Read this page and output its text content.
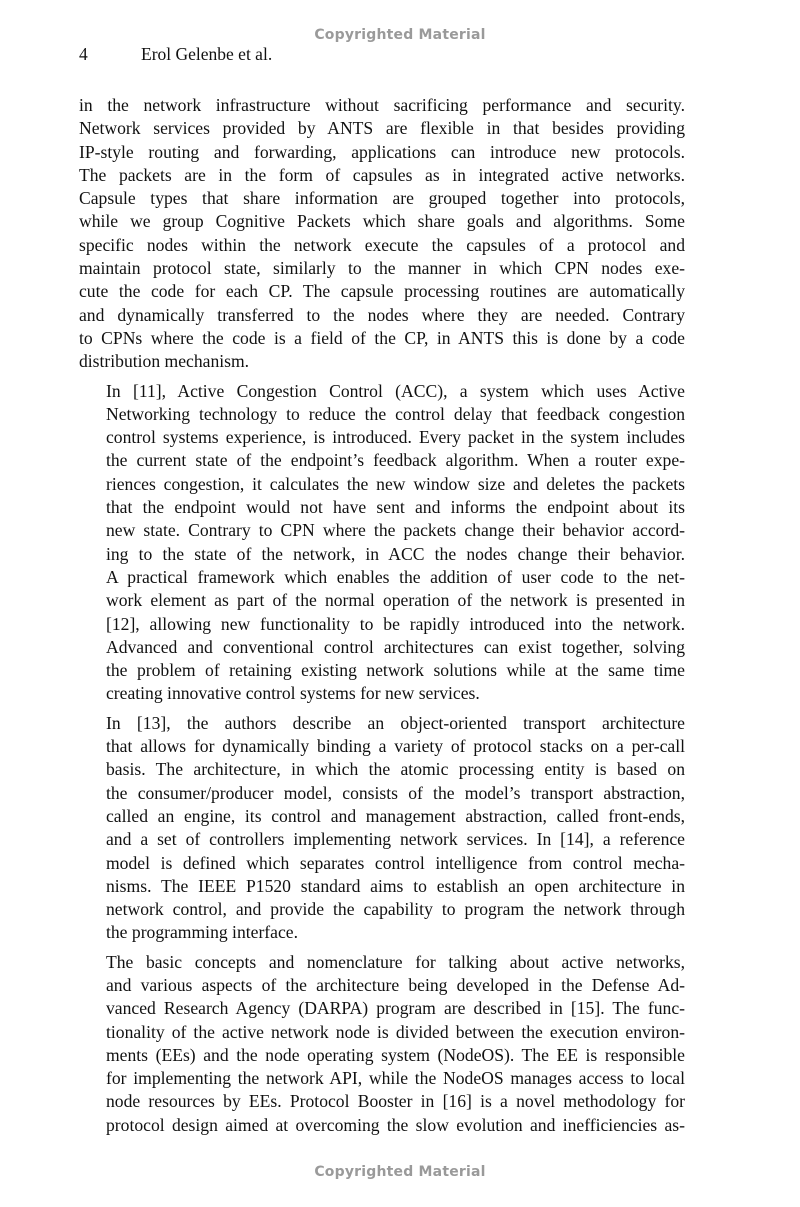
Copyrighted Material
4	Erol Gelenbe et al.
in the network infrastructure without sacrificing performance and security.
Network services provided by ANTS are flexible in that besides providing
IP-style routing and forwarding, applications can introduce new protocols.
The packets are in the form of capsules as in integrated active networks.
Capsule types that share information are grouped together into protocols,
while we group Cognitive Packets which share goals and algorithms. Some
specific nodes within the network execute the capsules of a protocol and
maintain protocol state, similarly to the manner in which CPN nodes exe-
cute the code for each CP. The capsule processing routines are automatically
and dynamically transferred to the nodes where they are needed. Contrary
to CPNs where the code is a field of the CP, in ANTS this is done by a code
distribution mechanism.
In [11], Active Congestion Control (ACC), a system which uses Active
Networking technology to reduce the control delay that feedback congestion
control systems experience, is introduced. Every packet in the system includes
the current state of the endpoint’s feedback algorithm. When a router expe-
riences congestion, it calculates the new window size and deletes the packets
that the endpoint would not have sent and informs the endpoint about its
new state. Contrary to CPN where the packets change their behavior accord-
ing to the state of the network, in ACC the nodes change their behavior.
A practical framework which enables the addition of user code to the net-
work element as part of the normal operation of the network is presented in
[12], allowing new functionality to be rapidly introduced into the network.
Advanced and conventional control architectures can exist together, solving
the problem of retaining existing network solutions while at the same time
creating innovative control systems for new services.
In [13], the authors describe an object-oriented transport architecture
that allows for dynamically binding a variety of protocol stacks on a per-call
basis. The architecture, in which the atomic processing entity is based on
the consumer/producer model, consists of the model’s transport abstraction,
called an engine, its control and management abstraction, called front-ends,
and a set of controllers implementing network services. In [14], a reference
model is defined which separates control intelligence from control mecha-
nisms. The IEEE P1520 standard aims to establish an open architecture in
network control, and provide the capability to program the network through
the programming interface.
The basic concepts and nomenclature for talking about active networks,
and various aspects of the architecture being developed in the Defense Ad-
vanced Research Agency (DARPA) program are described in [15]. The func-
tionality of the active network node is divided between the execution environ-
ments (EEs) and the node operating system (NodeOS). The EE is responsible
for implementing the network API, while the NodeOS manages access to local
node resources by EEs. Protocol Booster in [16] is a novel methodology for
protocol design aimed at overcoming the slow evolution and inefficiencies as-
Copyrighted Material
